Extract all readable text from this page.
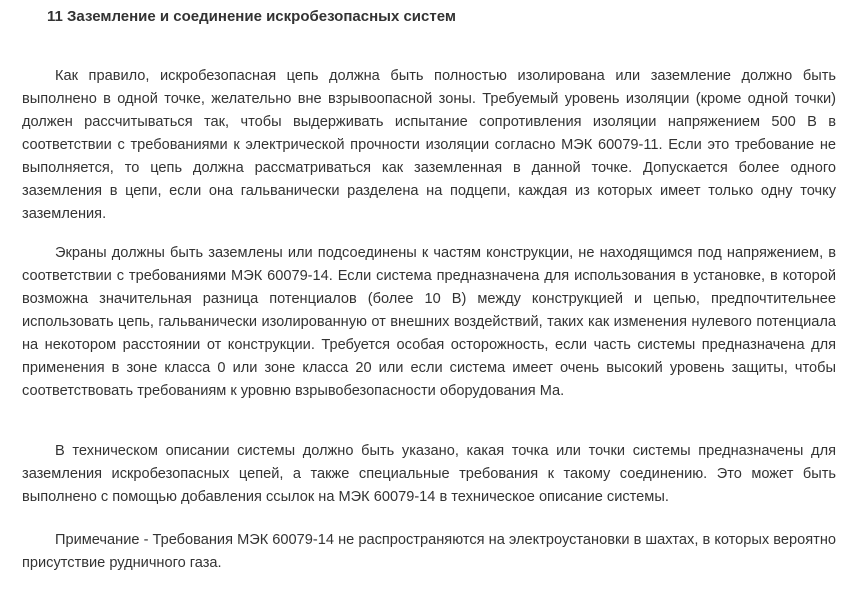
11 Заземление и соединение искробезопасных систем

Как правило, искробезопасная цепь должна быть полностью изолирована или заземление должно быть выполнено в одной точке, желательно вне взрывоопасной зоны. Требуемый уровень изоляции (кроме одной точки) должен рассчитываться так, чтобы выдерживать испытание сопротивления изоляции напряжением 500 В в соответствии с требованиями к электрической прочности изоляции согласно МЭК 60079-11. Если это требование не выполняется, то цепь должна рассматриваться как заземленная в данной точке. Допускается более одного заземления в цепи, если она гальванически разделена на подцепи, каждая из которых имеет только одну точку заземления.

Экраны должны быть заземлены или подсоединены к частям конструкции, не находящимся под напряжением, в соответствии с требованиями МЭК 60079-14. Если система предназначена для использования в установке, в которой возможна значительная разница потенциалов (более 10 В) между конструкцией и цепью, предпочтительнее использовать цепь, гальванически изолированную от внешних воздействий, таких как изменения нулевого потенциала на некотором расстоянии от конструкции. Требуется особая осторожность, если часть системы предназначена для применения в зоне класса 0 или зоне класса 20 или если система имеет очень высокий уровень защиты, чтобы соответствовать требованиям к уровню взрывобезопасности оборудования Ма.

В техническом описании системы должно быть указано, какая точка или точки системы предназначены для заземления искробезопасных цепей, а также специальные требования к такому соединению. Это может быть выполнено с помощью добавления ссылок на МЭК 60079-14 в техническое описание системы.

Примечание - Требования МЭК 60079-14 не распространяются на электроустановки в шахтах, в которых вероятно присутствие рудничного газа.
